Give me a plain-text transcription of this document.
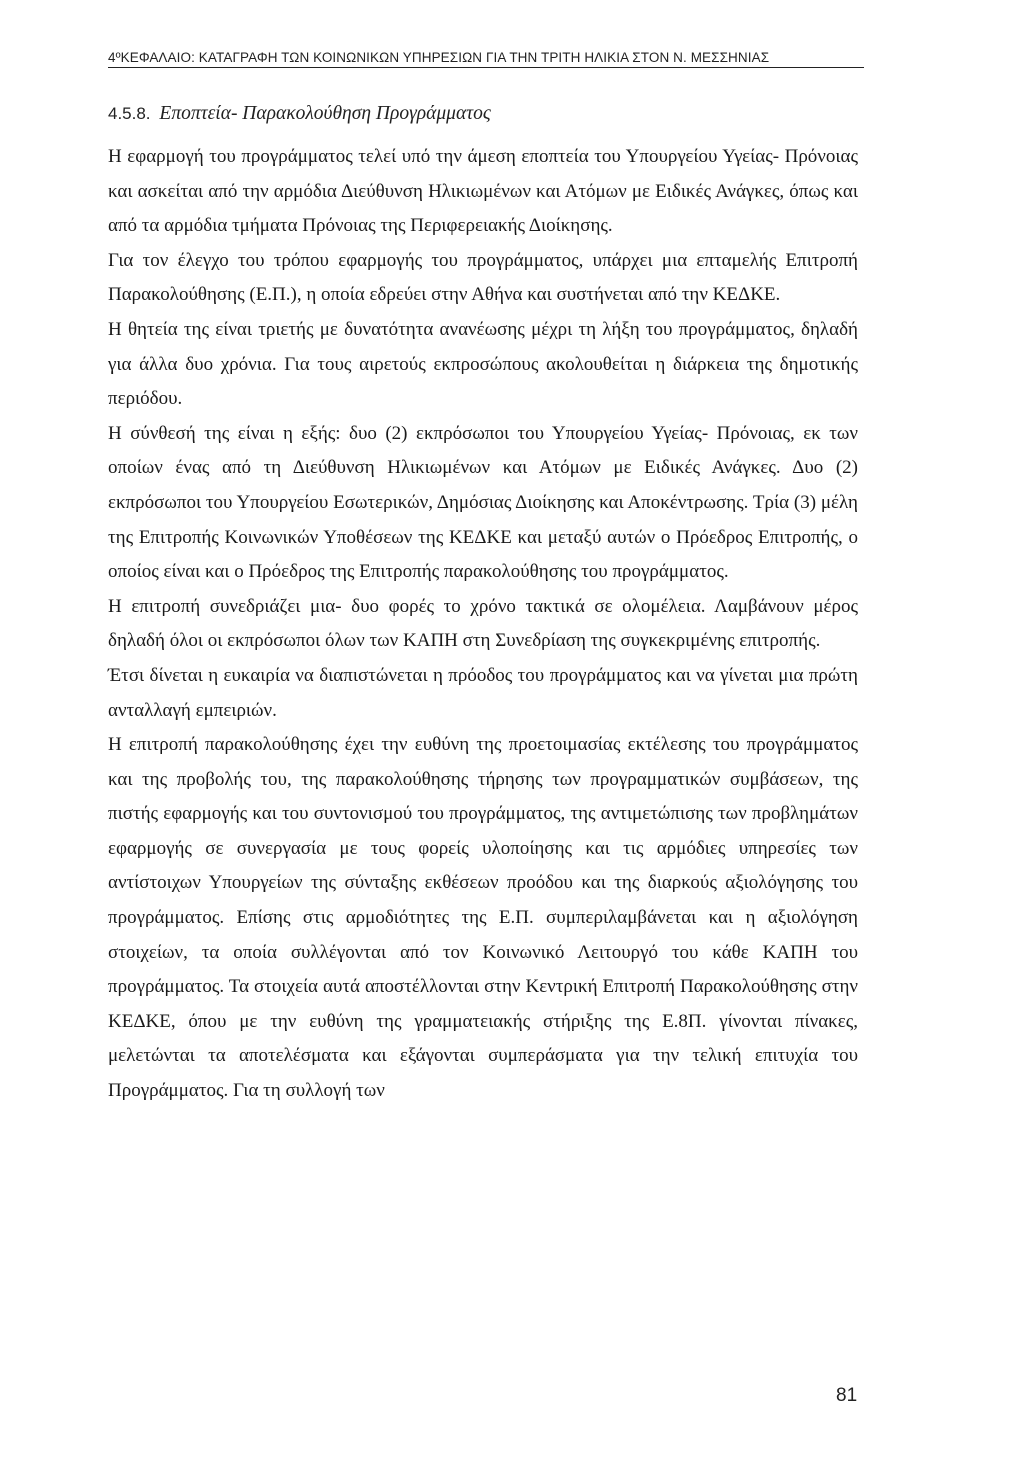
4ºΚΕΦΑΛΑΙΟ: ΚΑΤΑΓΡΑΦΗ ΤΩΝ ΚΟΙΝΩΝΙΚΩΝ ΥΠΗΡΕΣΙΩΝ ΓΙΑ ΤΗΝ ΤΡΙΤΗ ΗΛΙΚΙΑ ΣΤΟΝ Ν. ΜΕΣΣΗΝΙΑΣ
4.5.8. Εποπτεία- Παρακολούθηση Προγράμματος

Η εφαρμογή του προγράμματος τελεί υπό την άμεση εποπτεία του Υπουργείου Υγείας- Πρόνοιας και ασκείται από την αρμόδια Διεύθυνση Ηλικιωμένων και Ατόμων με Ειδικές Ανάγκες, όπως και από τα αρμόδια τμήματα Πρόνοιας της Περιφερειακής Διοίκησης.

Για τον έλεγχο του τρόπου εφαρμογής του προγράμματος, υπάρχει μια επταμελής Επιτροπή Παρακολούθησης (Ε.Π.), η οποία εδρεύει στην Αθήνα και συστήνεται από την ΚΕΔΚΕ.

Η θητεία της είναι τριετής με δυνατότητα ανανέωσης μέχρι τη λήξη του προγράμματος, δηλαδή για άλλα δυο χρόνια. Για τους αιρετούς εκπροσώπους ακολουθείται η διάρκεια της δημοτικής περιόδου.

Η σύνθεσή της είναι η εξής: δυο (2) εκπρόσωποι του Υπουργείου Υγείας- Πρόνοιας, εκ των οποίων ένας από τη Διεύθυνση Ηλικιωμένων και Ατόμων με Ειδικές Ανάγκες. Δυο (2) εκπρόσωποι του Υπουργείου Εσωτερικών, Δημόσιας Διοίκησης και Αποκέντρωσης. Τρία (3) μέλη της Επιτροπής Κοινωνικών Υποθέσεων της ΚΕΔΚΕ και μεταξύ αυτών ο Πρόεδρος Επιτροπής, ο οποίος είναι και ο Πρόεδρος της Επιτροπής παρακολούθησης του προγράμματος.

Η επιτροπή συνεδριάζει μια- δυο φορές το χρόνο τακτικά σε ολομέλεια. Λαμβάνουν μέρος δηλαδή όλοι οι εκπρόσωποι όλων των ΚΑΠΗ στη Συνεδρίαση της συγκεκριμένης επιτροπής.

Έτσι δίνεται η ευκαιρία να διαπιστώνεται η πρόοδος του προγράμματος και να γίνεται μια πρώτη ανταλλαγή εμπειριών.

Η επιτροπή παρακολούθησης έχει την ευθύνη της προετοιμασίας εκτέλεσης του προγράμματος και της προβολής του, της παρακολούθησης τήρησης των προγραμματικών συμβάσεων, της πιστής εφαρμογής και του συντονισμού του προγράμματος, της αντιμετώπισης των προβλημάτων εφαρμογής σε συνεργασία με τους φορείς υλοποίησης και τις αρμόδιες υπηρεσίες των αντίστοιχων Υπουργείων της σύνταξης εκθέσεων προόδου και της διαρκούς αξιολόγησης του προγράμματος. Επίσης στις αρμοδιότητες της Ε.Π. συμπεριλαμβάνεται και η αξιολόγηση στοιχείων, τα οποία συλλέγονται από τον Κοινωνικό Λειτουργό του κάθε ΚΑΠΗ του προγράμματος. Τα στοιχεία αυτά αποστέλλονται στην Κεντρική Επιτροπή Παρακολούθησης στην ΚΕΔΚΕ, όπου με την ευθύνη της γραμματειακής στήριξης της Ε.8Π. γίνονται πίνακες, μελετώνται τα αποτελέσματα και εξάγονται συμπεράσματα για την τελική επιτυχία του Προγράμματος. Για τη συλλογή των

81
